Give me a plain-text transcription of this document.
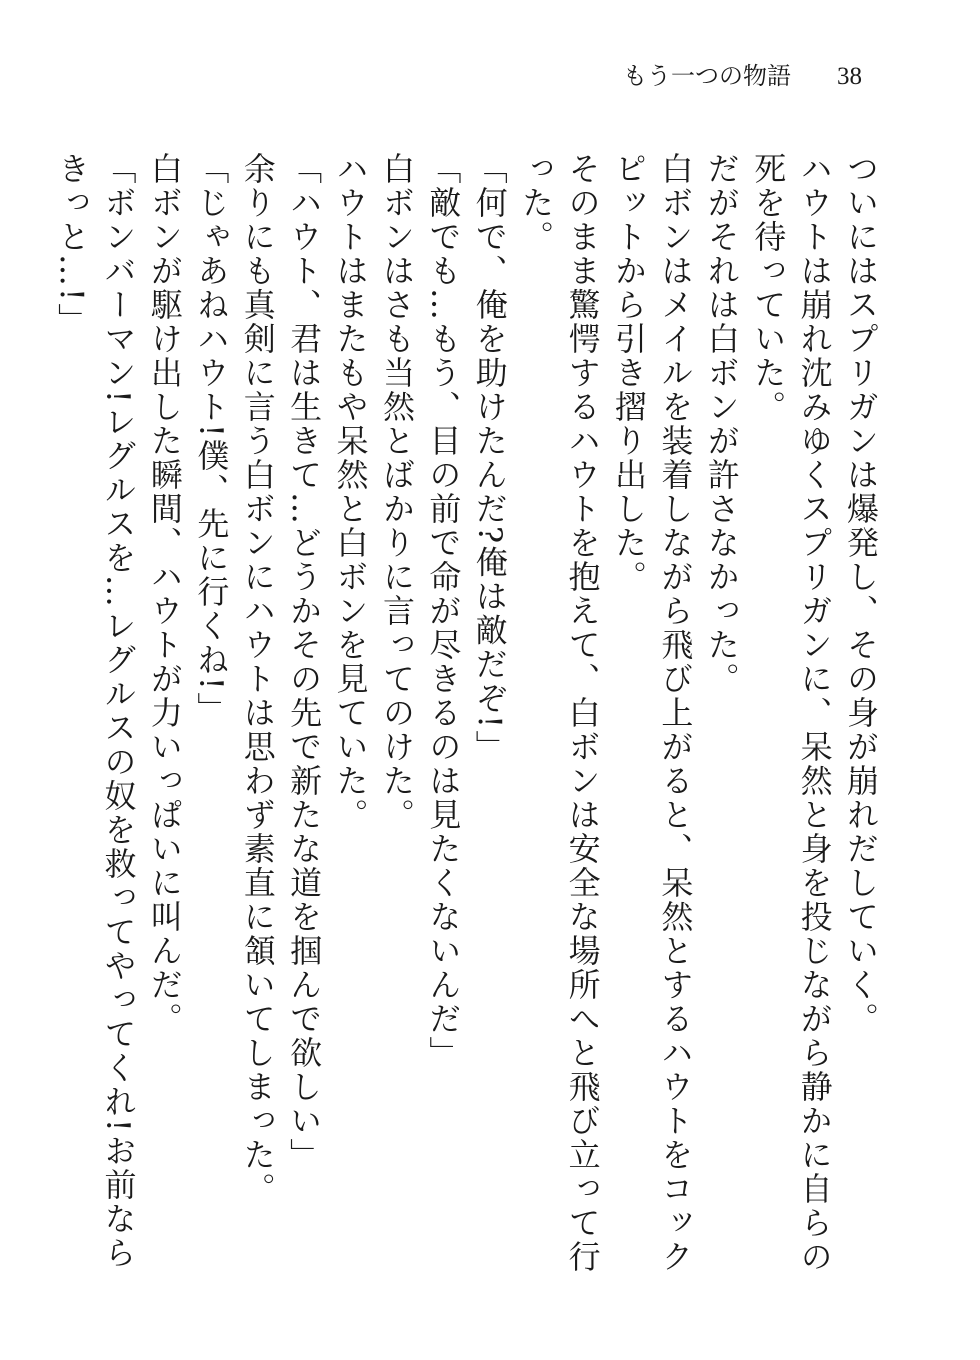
もう一つの物語 38

ついにはスプリガンは爆発し、その身が崩れだしていく。

ハウトは崩れ沈みゆくスプリガンに、呆然と身を投じながら静かに自らの死を待っていた。

だがそれは白ボンが許さなかった。

白ボンはメイルを装着しながら飛び上がると、呆然とするハウトをコックピットから引き摺り出した。

そのまま驚愕するハウトを抱えて、白ボンは安全な場所へと飛び立って行った。

「何で、俺を助けたんだ?俺は敵だぞ!」

「敵でも…もう、目の前で命が尽きるのは見たくないんだ」

白ボンはさも当然とばかりに言ってのけた。

ハウトはまたもや呆然と白ボンを見ていた。

「ハウト、君は生きて…どうかその先で新たな道を掴んで欲しい」

余りにも真剣に言う白ボンにハウトは思わず素直に頷いてしまった。

「じゃあねハウト!僕、先に行くね!」

白ボンが駆け出した瞬間、ハウトが力いっぱいに叫んだ。

「ボンバーマン!レグルスを…レグルスの奴を救ってやってくれ!お前ならきっと…!」
